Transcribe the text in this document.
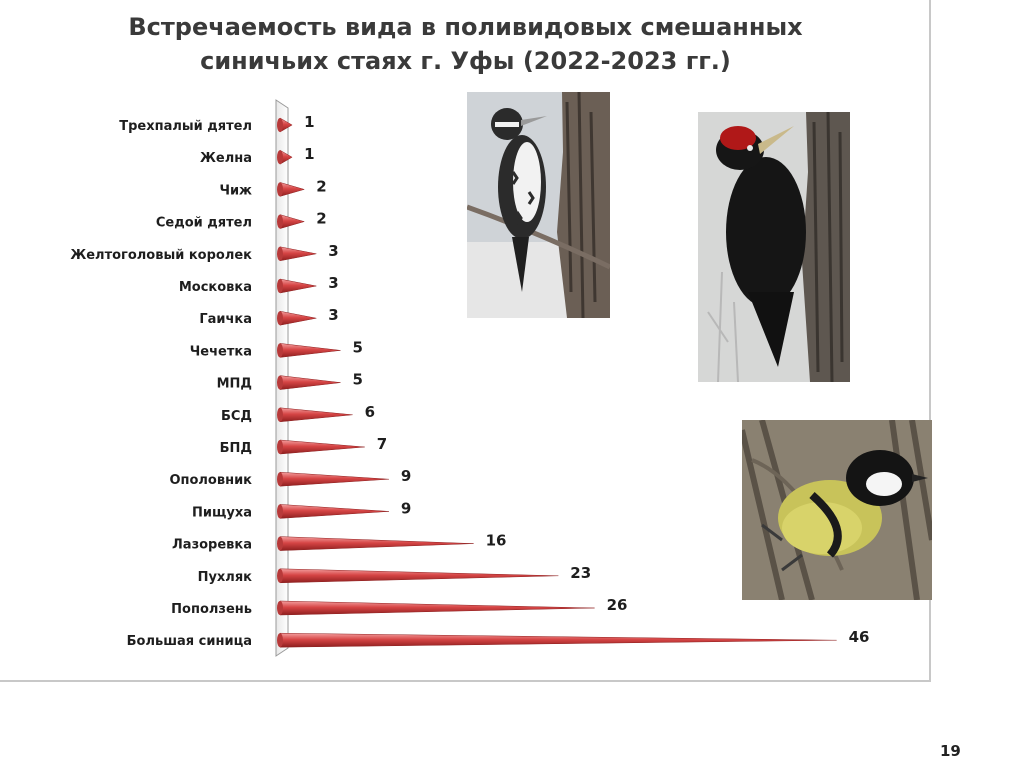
Встречаемость вида в поливидовых смешанных
синичьих стаях г. Уфы (2022-2023 гг.)
Трехпалый дятел
Желна
Чиж
Седой дятел
Желтоголовый королек
Московка
Гаичка
Чечетка
МПД
БСД
БПД
Ополовник
Пищуха
Лазоревка
Пухляк
Поползень
Большая синица
1
1
2
2
3
3
3
5
5
6
7
9
9
16
23
26
46
19
